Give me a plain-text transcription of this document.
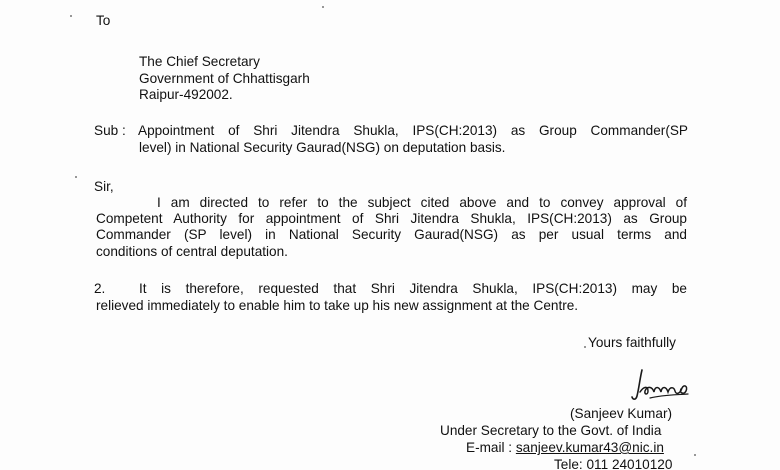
To
The Chief Secretary
Government of Chhattisgarh
Raipur-492002.
Sub : Appointment of Shri Jitendra Shukla, IPS(CH:2013) as Group Commander(SP
level) in National Security Gaurad(NSG) on deputation basis.
Sir,
I am directed to refer to the subject cited above and to convey approval of
Competent Authority for appointment of Shri Jitendra Shukla, IPS(CH:2013) as Group
Commander (SP level) in National Security Gaurad(NSG) as per usual terms and
conditions of central deputation.
2. It is therefore, requested that Shri Jitendra Shukla, IPS(CH:2013) may be
relieved immediately to enable him to take up his new assignment at the Centre.
Yours faithfully
(Sanjeev Kumar)
Under Secretary to the Govt. of India
E-mail : sanjeev.kumar43@nic.in
Tele: 011 24010120
